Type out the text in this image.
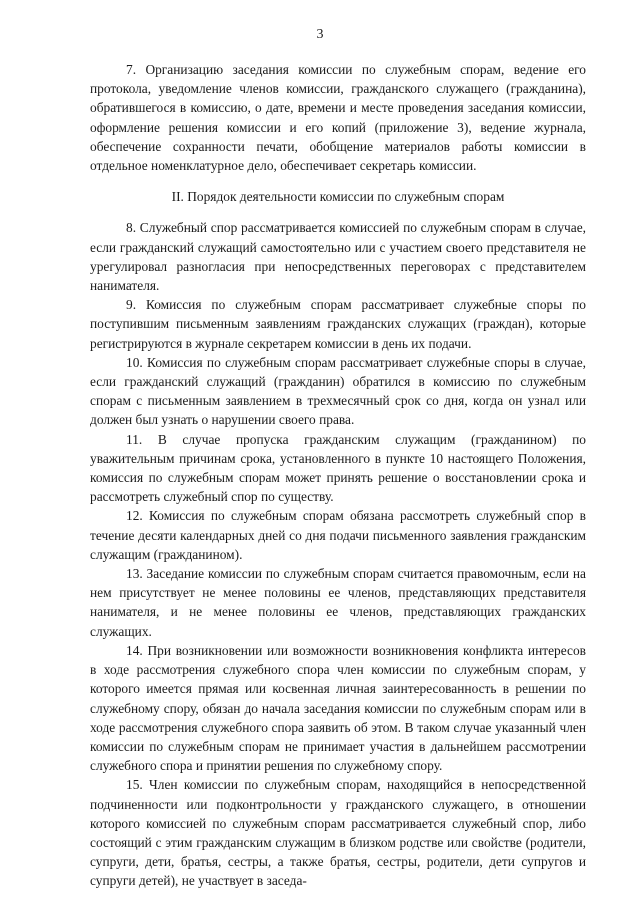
3

7. Организацию заседания комиссии по служебным спорам, ведение его протокола, уведомление членов комиссии, гражданского служащего (гражданина), обратившегося в комиссию, о дате, времени и месте проведения заседания комиссии, оформление решения комиссии и его копий (приложение 3), ведение журнала, обеспечение сохранности печати, обобщение материалов работы комиссии в отдельное номенклатурное дело, обеспечивает секретарь комиссии.

II. Порядок деятельности комиссии по служебным спорам

8. Служебный спор рассматривается комиссией по служебным спорам в случае, если гражданский служащий самостоятельно или с участием своего представителя не урегулировал разногласия при непосредственных переговорах с представителем нанимателя.

9. Комиссия по служебным спорам рассматривает служебные споры по поступившим письменным заявлениям гражданских служащих (граждан), которые регистрируются в журнале секретарем комиссии в день их подачи.

10. Комиссия по служебным спорам рассматривает служебные споры в случае, если гражданский служащий (гражданин) обратился в комиссию по служебным спорам с письменным заявлением в трехмесячный срок со дня, когда он узнал или должен был узнать о нарушении своего права.

11. В случае пропуска гражданским служащим (гражданином) по уважительным причинам срока, установленного в пункте 10 настоящего Положения, комиссия по служебным спорам может принять решение о восстановлении срока и рассмотреть служебный спор по существу.

12. Комиссия по служебным спорам обязана рассмотреть служебный спор в течение десяти календарных дней со дня подачи письменного заявления гражданским служащим (гражданином).

13. Заседание комиссии по служебным спорам считается правомочным, если на нем присутствует не менее половины ее членов, представляющих представителя нанимателя, и не менее половины ее членов, представляющих гражданских служащих.

14. При возникновении или возможности возникновения конфликта интересов в ходе рассмотрения служебного спора член комиссии по служебным спорам, у которого имеется прямая или косвенная личная заинтересованность в решении по служебному спору, обязан до начала заседания комиссии по служебным спорам или в ходе рассмотрения служебного спора заявить об этом. В таком случае указанный член комиссии по служебным спорам не принимает участия в дальнейшем рассмотрении служебного спора и принятии решения по служебному спору.

15. Член комиссии по служебным спорам, находящийся в непосредственной подчиненности или подконтрольности у гражданского служащего, в отношении которого комиссией по служебным спорам рассматривается служебный спор, либо состоящий с этим гражданским служащим в близком родстве или свойстве (родители, супруги, дети, братья, сестры, а также братья, сестры, родители, дети супругов и супруги детей), не участвует в заседа-
